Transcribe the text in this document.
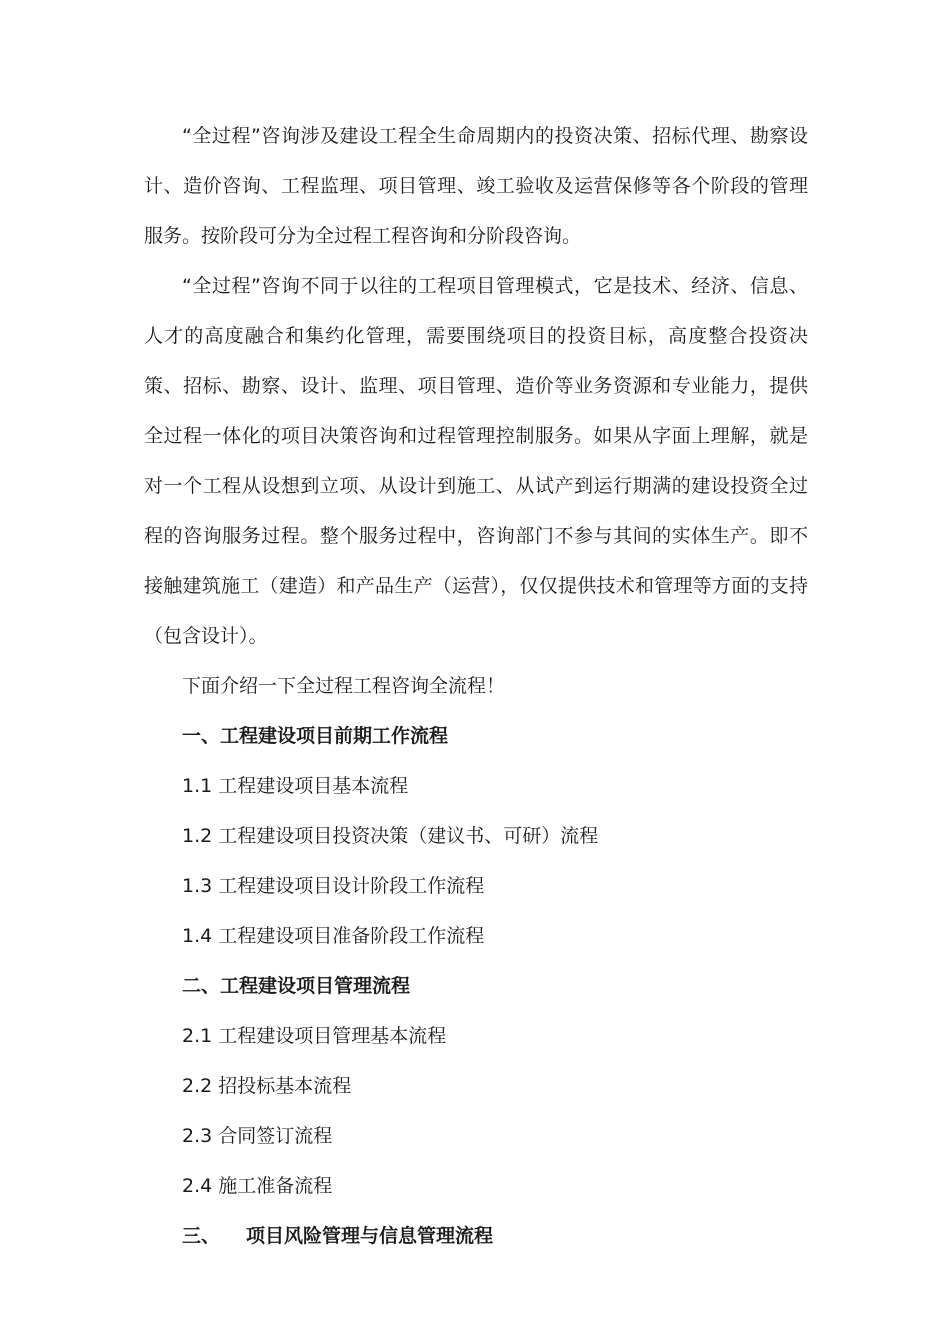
“全过程”咨询涉及建设工程全生命周期内的投资决策、招标代理、勘察设计、造价咨询、工程监理、项目管理、竣工验收及运营保修等各个阶段的管理服务。按阶段可分为全过程工程咨询和分阶段咨询。

“全过程”咨询不同于以往的工程项目管理模式，它是技术、经济、信息、人才的高度融合和集约化管理，需要围绕项目的投资目标，高度整合投资决策、招标、勘察、设计、监理、项目管理、造价等业务资源和专业能力，提供全过程一体化的项目决策咨询和过程管理控制服务。如果从字面上理解，就是对一个工程从设想到立项、从设计到施工、从试产到运行期满的建设投资全过程的咨询服务过程。整个服务过程中，咨询部门不参与其间的实体生产。即不接触建筑施工（建造）和产品生产（运营），仅仅提供技术和管理等方面的支持（包含设计）。

下面介绍一下全过程工程咨询全流程！

一、工程建设项目前期工作流程

1.1 工程建设项目基本流程

1.2 工程建设项目投资决策（建议书、可研）流程

1.3 工程建设项目设计阶段工作流程

1.4 工程建设项目准备阶段工作流程

二、工程建设项目管理流程

2.1 工程建设项目管理基本流程

2.2 招投标基本流程

2.3 合同签订流程

2.4 施工准备流程

三、 项目风险管理与信息管理流程
